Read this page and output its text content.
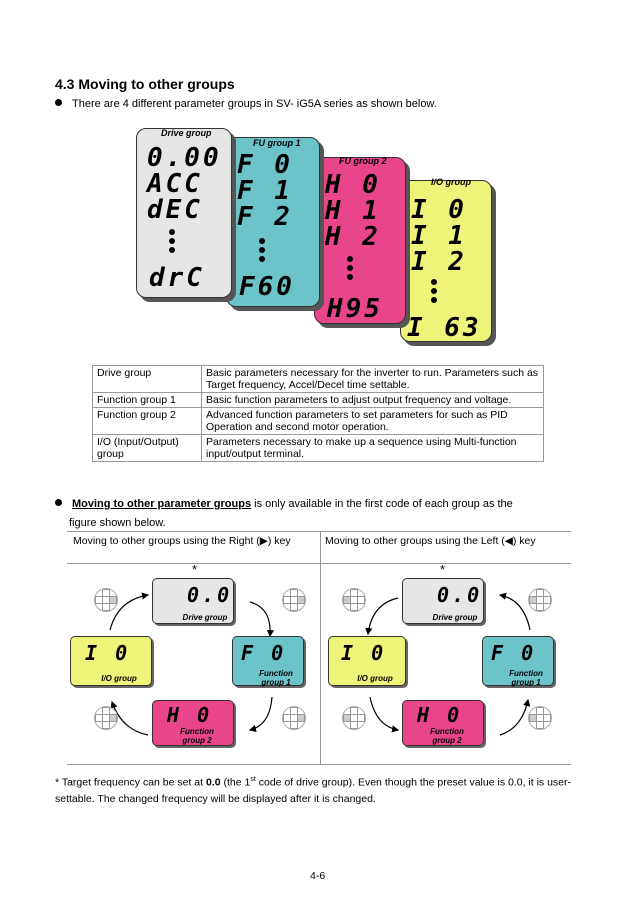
4.3 Moving to other groups
There are 4 different parameter groups in SV- iG5A series as shown below.
I/O group
I 0
I 1
I 2
I 63
FU group 2
H 0
H 1
H 2
H95
FU group 1
F 0
F 1
F 2
F60
Drive group
0.00
ACC
dEC
drC
Drive group	Basic parameters necessary for the inverter to run. Parameters such as Target frequency, Accel/Decel time settable.
Function group 1	Basic function parameters to adjust output frequency and voltage.
Function group 2	Advanced function parameters to set parameters for such as PID Operation and second motor operation.
I/O (Input/Output) group	Parameters necessary to make up a sequence using Multi-function input/output terminal.
Moving to other parameter groups is only available in the first code of each group as the
figure shown below.
Moving to other groups using the Right (▶) key	Moving to other groups using the Left (◀) key
*
0.0
Drive group
I 0
I/O group
F 0
Function group 1
H 0
Function group 2
*
0.0
Drive group
I 0
I/O group
F 0
Function group 1
H 0
Function group 2
* Target frequency can be set at 0.0 (the 1st code of drive group). Even though the preset value is 0.0, it is user-settable. The changed frequency will be displayed after it is changed.
4-6
